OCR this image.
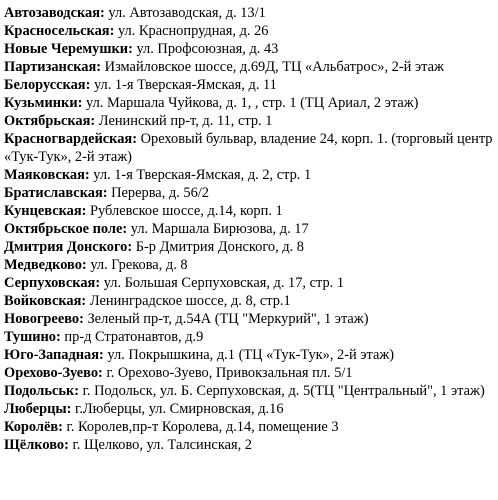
Автозаводская: ул. Автозаводская, д. 13/1
Красносельская: ул. Краснопрудная, д. 26
Новые Черемушки: ул. Профсоюзная, д. 43
Партизанская: Измайловское шоссе, д.69Д, ТЦ «Альбатрос», 2-й этаж
Белорусская: ул. 1-я Тверская-Ямская, д. 11
Кузьминки: ул. Маршала Чуйкова, д. 1, , стр. 1 (ТЦ Ариал, 2 этаж)
Октябрьская: Ленинский пр-т, д. 11, стр. 1
Красногвардейская: Ореховый бульвар, владение 24, корп. 1. (торговый центр «Тук-Тук», 2-й этаж)
Маяковская: ул. 1-я Тверская-Ямская, д. 2, стр. 1
Братиславская: Перерва, д. 56/2
Кунцевская: Рублевское шоссе, д.14, корп. 1
Октябрьское поле: ул. Маршала Бирюзова, д. 17
Дмитрия Донского: Б-р Дмитрия Донского, д. 8
Медведково: ул. Грекова, д. 8
Серпуховская: ул. Большая Серпуховская, д. 17, стр. 1
Войковская: Ленинградское шоссе, д. 8, стр.1
Новогреево: Зеленый пр-т, д.54А (ТЦ "Меркурий", 1 этаж)
Тушино: пр-д Стратонавтов, д.9
Юго-Западная: ул. Покрышкина, д.1 (ТЦ «Тук-Тук», 2-й этаж)
Орехово-Зуево: г. Орехово-Зуево, Привокзальная пл. 5/1
Подольськ: г. Подольск, ул. Б. Серпуховская, д. 5(ТЦ "Центральный", 1 этаж)
Люберцы: г.Люберцы, ул. Смирновская, д.16
Королёв: г. Королев,пр-т Королева, д.14, помещение 3
Щёлково: г. Щелково, ул. Талсинская, 2
